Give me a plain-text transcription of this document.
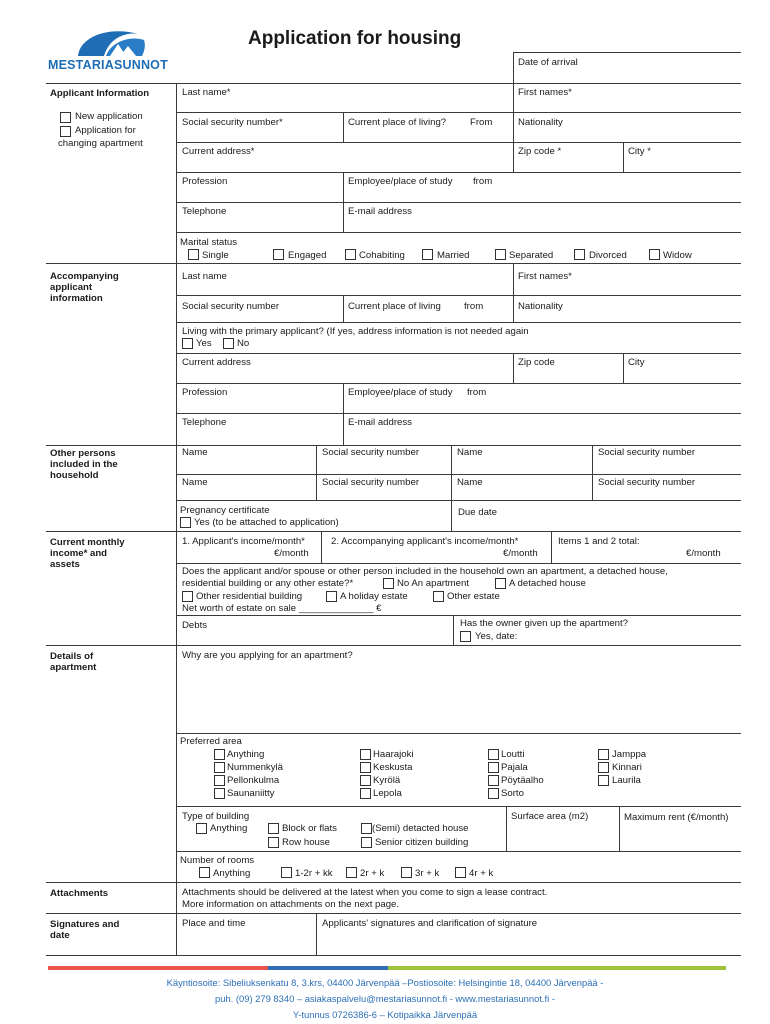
MESTARIASUNNOT
Application for housing
Date of arrival
Applicant Information
New application
Application for
changing apartment
Last name*	First names*
Social security number*	Current place of living? From	Nationality
Current address*	Zip code *	City *
Profession	Employee/place of study from
Telephone	E-mail address
Marital status
Single	Engaged	Cohabiting	Married	Separated	Divorced	Widow
Accompanying
applicant
information
Last name	First names*
Social security number	Current place of living from	Nationality
Living with the primary applicant? (If yes, address information is not needed again
Yes	No
Current address	Zip code	City
Profession	Employee/place of study from
Telephone	E-mail address
Other persons
included in the
household
Name	Social security number	Name	Social security number
Name	Social security number	Name	Social security number
Pregnancy certificate
Yes (to be attached to application)
Due date
Current monthly
income* and
assets
1. Applicant's income/month*
€/month
2. Accompanying applicant's income/month*
€/month
Items 1 and 2 total:
€/month
Does the applicant and/or spouse or other person included in the household own an apartment, a detached house,
residential building or any other estate?*	No An apartment	A detached house
Other residential building	A holiday estate	Other estate
Net worth of estate on sale ______________ €
Debts	Has the owner given up the apartment?
Yes, date:
Details of
apartment
Why are you applying for an apartment?
Preferred area
Anything
Nummenkylä
Pellonkulma
Saunaniitty
Haarajoki
Keskusta
Kyrölä
Lepola
Loutti
Pajala
Pöytäalho
Sorto
Jamppa
Kinnari
Laurila
Type of building
Anything	Block or flats
Row house
(Semi) detacted house
Senior citizen building
Surface area (m2)	Maximum rent (€/month)
Number of rooms
Anything	1-2r + kk	2r + k	3r + k	4r + k
Attachments	Attachments should be delivered at the latest when you come to sign a lease contract.
More information on attachments on the next page.
Signatures and
date
Place and time	Applicants' signatures and clarification of signature
Käyntiosoite: Sibeliuksenkatu 8, 3.krs, 04400 Järvenpää –Postiosoite: Helsingintie 18, 04400 Järvenpää -
puh. (09) 279 8340 – asiakaspalvelu@mestariasunnot.fi - www.mestariasunnot.fi -
Y-tunnus 0726386-6 – Kotipaikka Järvenpää
